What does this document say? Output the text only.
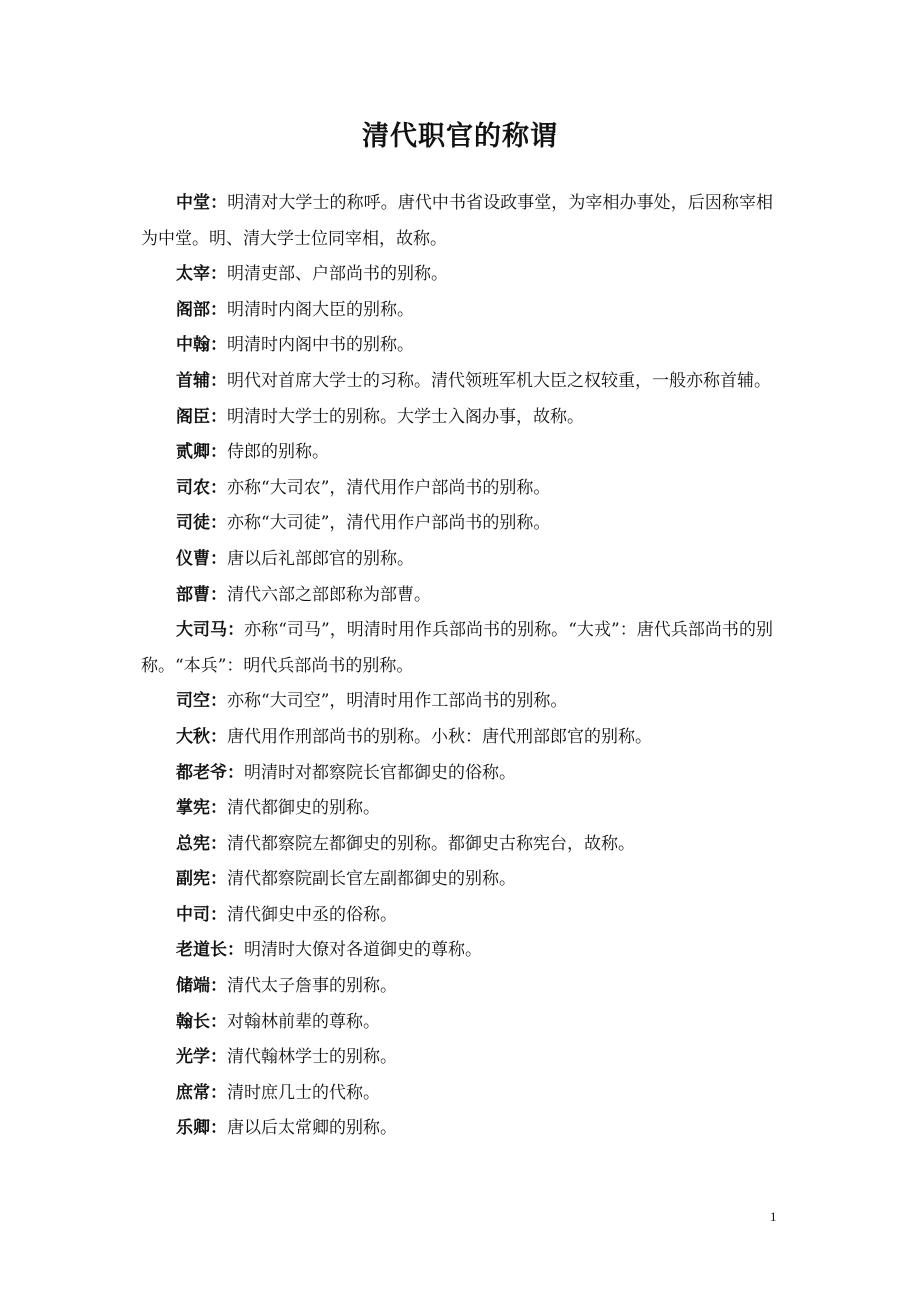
清代职官的称谓

中堂：明清对大学士的称呼。唐代中书省设政事堂，为宰相办事处，后因称宰相为中堂。明、清大学士位同宰相，故称。

太宰：明清吏部、户部尚书的别称。

阁部：明清时内阁大臣的别称。

中翰：明清时内阁中书的别称。

首辅：明代对首席大学士的习称。清代领班军机大臣之权较重，一般亦称首辅。

阁臣：明清时大学士的别称。大学士入阁办事，故称。

贰卿：侍郎的别称。

司农：亦称“大司农”，清代用作户部尚书的别称。

司徒：亦称“大司徒”，清代用作户部尚书的别称。

仪曹：唐以后礼部郎官的别称。

部曹：清代六部之部郎称为部曹。

大司马：亦称“司马”，明清时用作兵部尚书的别称。“大戎”：唐代兵部尚书的别称。“本兵”：明代兵部尚书的别称。

司空：亦称“大司空”，明清时用作工部尚书的别称。

大秋：唐代用作刑部尚书的别称。小秋：唐代刑部郎官的别称。

都老爷：明清时对都察院长官都御史的俗称。

掌宪：清代都御史的别称。

总宪：清代都察院左都御史的别称。都御史古称宪台，故称。

副宪：清代都察院副长官左副都御史的别称。

中司：清代御史中丞的俗称。

老道长：明清时大僚对各道御史的尊称。

储端：清代太子詹事的别称。

翰长：对翰林前辈的尊称。

光学：清代翰林学士的别称。

庶常：清时庶几士的代称。

乐卿：唐以后太常卿的别称。

1
